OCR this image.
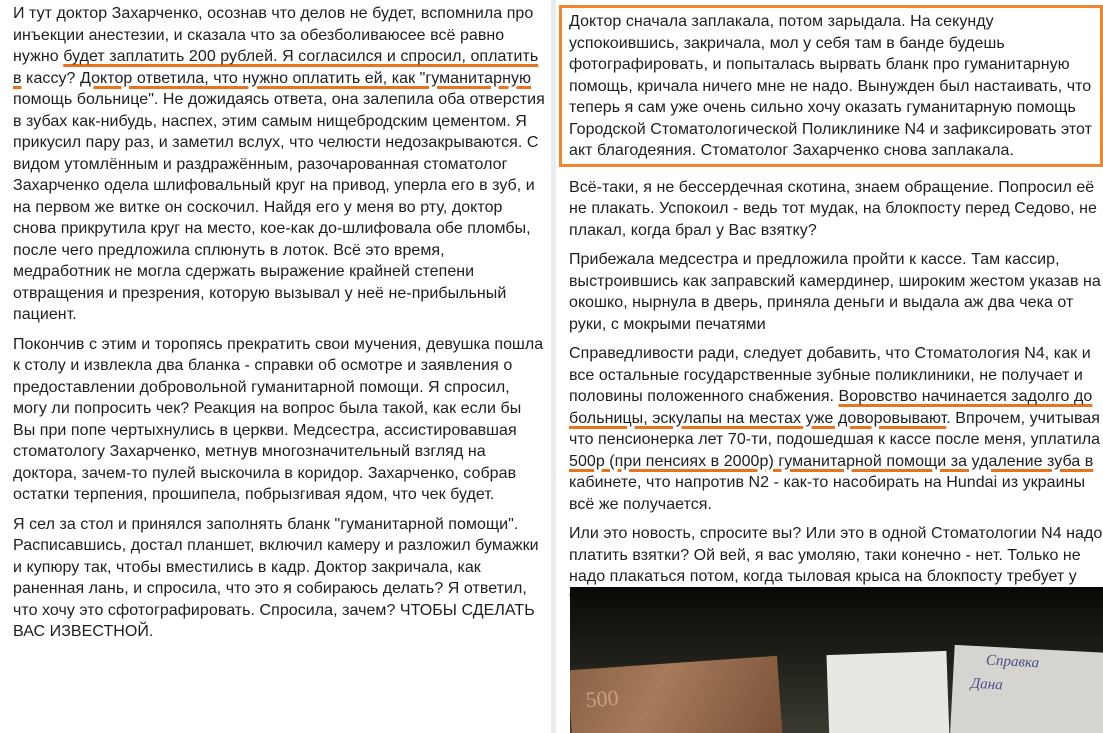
И тут доктор Захарченко, осознав что делов не будет, вспомнила про инъекции анестезии, и сказала что за обезболиваюсее всё равно нужно будет заплатить 200 рублей. Я согласился и спросил, оплатить в кассу? Доктор ответила, что нужно оплатить ей, как "гуманитарную помощь больнице". Не дожидаясь ответа, она залепила оба отверстия в зубах как-нибудь, наспех, этим самым нищебродским цементом. Я прикусил пару раз, и заметил вслух, что челюсти недозакрываются. С видом утомлённым и раздражённым, разочарованная стоматолог Захарченко одела шлифовальный круг на привод, уперла его в зуб, и на первом же витке он соскочил. Найдя его у меня во рту, доктор снова прикрутила круг на место, кое-как до-шлифовала обе пломбы, после чего предложила сплюнуть в лоток. Всё это время, медработник не могла сдержать выражение крайней степени отвращения и презрения, которую вызывал у неё не-прибыльный пациент.

Покончив с этим и торопясь прекратить свои мучения, девушка пошла к столу и извлекла два бланка - справки об осмотре и заявления о предоставлении добровольной гуманитарной помощи. Я спросил, могу ли попросить чек? Реакция на вопрос была такой, как если бы Вы при попе чертыхнулись в церкви. Медсестра, ассистировавшая стоматологу Захарченко, метнув многозначительный взгляд на доктора, зачем-то пулей выскочила в коридор. Захарченко, собрав остатки терпения, прошипела, побрызгивая ядом, что чек будет.

Я сел за стол и принялся заполнять бланк "гуманитарной помощи". Расписавшись, достал планшет, включил камеру и разложил бумажки и купюру так, чтобы вместились в кадр. Доктор закричала, как раненная лань, и спросила, что это я собираюсь делать? Я ответил, что хочу это сфотографировать. Спросила, зачем? ЧТОБЫ СДЕЛАТЬ ВАС ИЗВЕСТНОЙ.

Доктор сначала заплакала, потом зарыдала. На секунду успокоившись, закричала, мол у себя там в банде будешь фотографировать, и попыталась вырвать бланк про гуманитарную помощь, кричала ничего мне не надо. Вынужден был настаивать, что теперь я сам уже очень сильно хочу оказать гуманитарную помощь Городской Стоматологической Поликлинике N4 и зафиксировать этот акт благодеяния. Стоматолог Захарченко снова заплакала.

Всё-таки, я не бессердечная скотина, знаем обращение. Попросил её не плакать. Успокоил - ведь тот мудак, на блокпосту перед Седово, не плакал, когда брал у Вас взятку?

Прибежала медсестра и предложила пройти к кассе. Там кассир, выстроившись как заправский камердинер, широким жестом указав на окошко, нырнула в дверь, приняла деньги и выдала аж два чека от руки, с мокрыми печатями

Справедливости ради, следует добавить, что Стоматология N4, как и все остальные государственные зубные поликлиники, не получает и половины положенного снабжения. Воровство начинается задолго до больницы, эскулапы на местах уже доворовывают. Впрочем, учитывая что пенсионерка лет 70-ти, подошедшая к кассе после меня, уплатила 500р (при пенсиях в 2000р) гуманитарной помощи за удаление зуба в кабинете, что напротив N2 - как-то насобирать на Hundai из украины всё же получается.

Или это новость, спросите вы? Или это в одной Стоматологии N4 надо платить взятки? Ой вей, я вас умоляю, таки конечно - нет. Только не надо плакаться потом, когда тыловая крыса на блокпосту требует у

500
Справка
Дана
